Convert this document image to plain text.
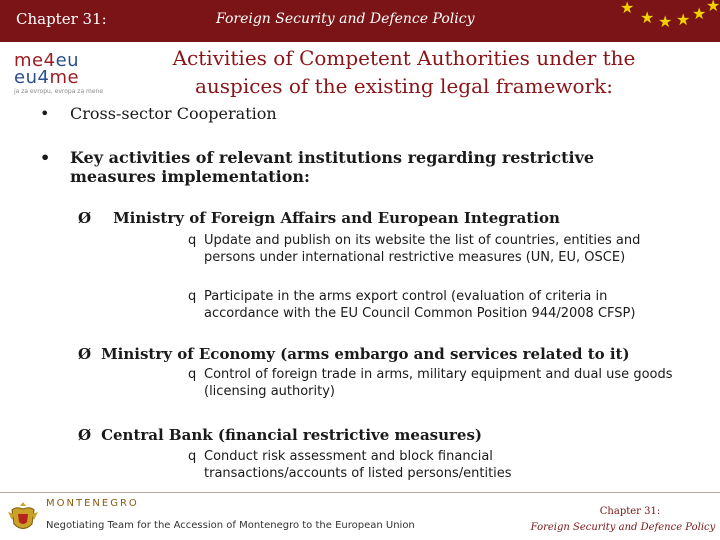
Chapter 31:	Foreign Security and Defence Policy
★
★ ★ ★ ★ ★
me4eu
eu4me
ja za evropu, evropa za mene
Activities of Competent Authorities under the auspices of the existing legal framework:
• Cross-sector Cooperation
• Key activities of relevant institutions regarding restrictive measures implementation:
Ø Ministry of Foreign Affairs and European Integration
q Update and publish on its website the list of countries, entities and persons under international restrictive measures (UN, EU, OSCE)
q Participate in the arms export control (evaluation of criteria in accordance with the EU Council Common Position 944/2008 CFSP)
Ø Ministry of Economy (arms embargo and services related to it)
q Control of foreign trade in arms, military equipment and dual use goods (licensing authority)
Ø Central Bank (financial restrictive measures)
q Conduct risk assessment and block financial transactions/accounts of listed persons/entities
MONTENEGRO
Negotiating Team for the Accession of Montenegro to the European Union
Chapter 31:
Foreign Security and Defence Policy
